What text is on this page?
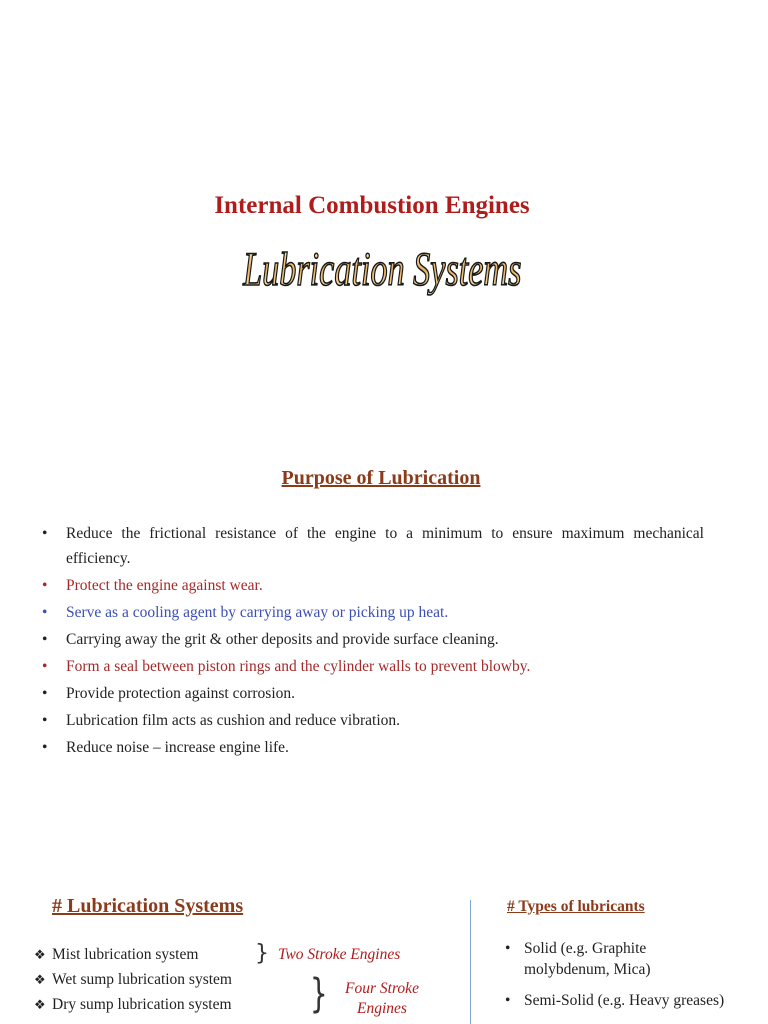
Internal Combustion Engines
Lubrication Systems
Purpose of Lubrication
• Reduce the frictional resistance of the engine to a minimum to ensure maximum mechanical efficiency.
• Protect the engine against wear.
• Serve as a cooling agent by carrying away or picking up heat.
• Carrying away the grit & other deposits and provide surface cleaning.
• Form a seal between piston rings and the cylinder walls to prevent blowby.
• Provide protection against corrosion.
• Lubrication film acts as cushion and reduce vibration.
• Reduce noise – increase engine life.
# Lubrication Systems
❖ Mist lubrication system
❖ Wet sump lubrication system
❖ Dry sump lubrication system
} Two Stroke Engines
}	Four Stroke
Engines
# Types of lubricants
• Solid (e.g. Graphite molybdenum, Mica)
• Semi-Solid (e.g. Heavy greases)
